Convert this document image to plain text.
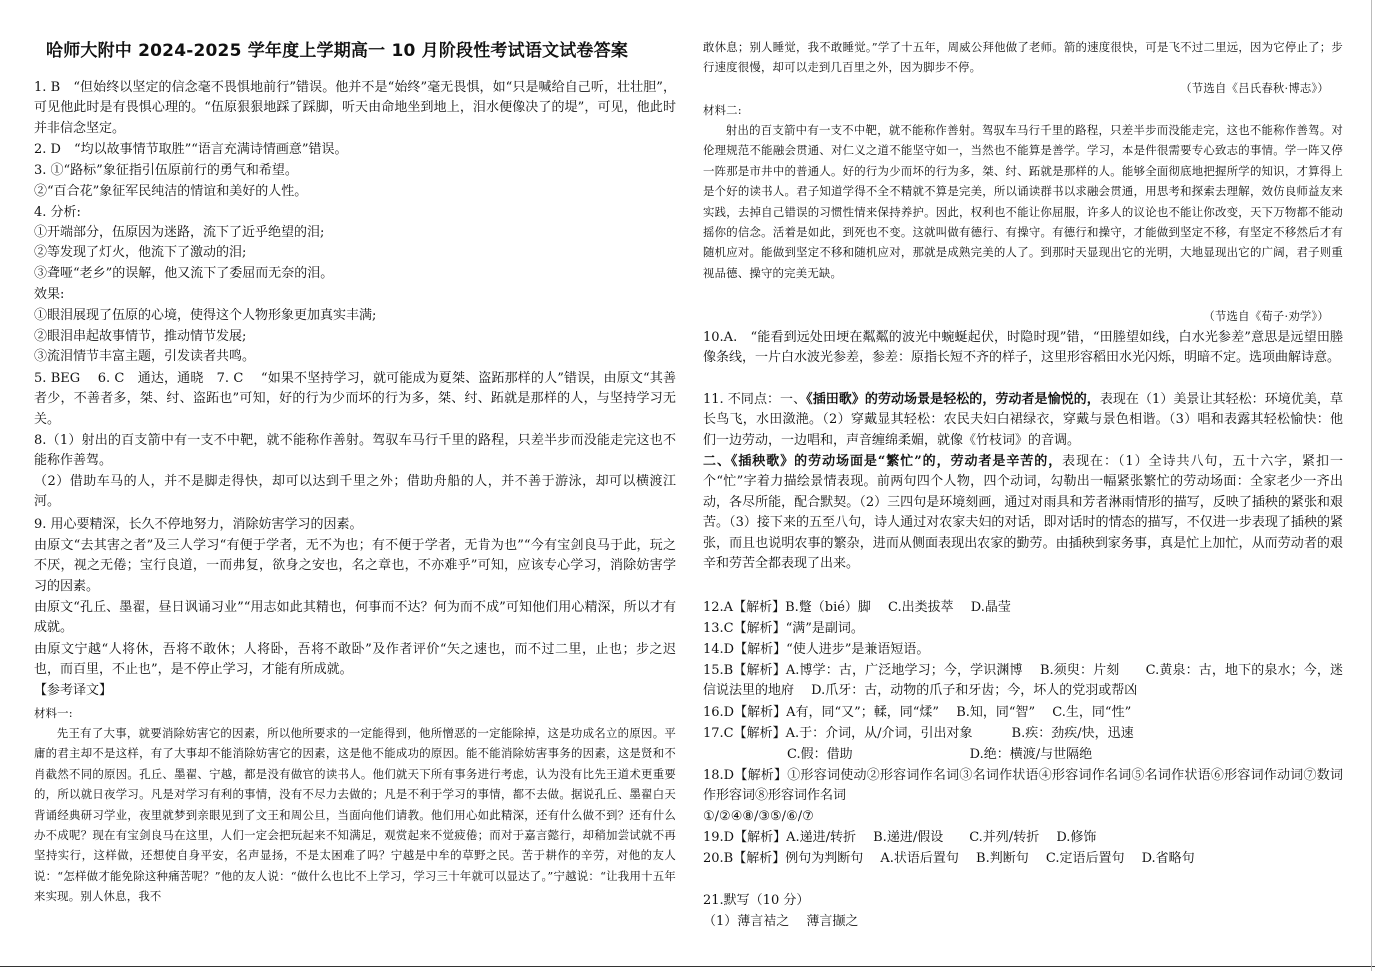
哈师大附中 2024-2025 学年度上学期高一 10 月阶段性考试语文试卷答案
1. B　“但始终以坚定的信念毫不畏惧地前行”错误。他并不是“始终”毫无畏惧，如“只是喊给自己听，壮壮胆”，可见他此时是有畏惧心理的。“伍原狠狠地踩了踩脚，听天由命地坐到地上，泪水便像决了的堤”，可见，他此时并非信念坚定。
2. D　“均以故事情节取胜”“语言充满诗情画意”错误。
3. ①“路标”象征指引伍原前行的勇气和希望。
②“百合花”象征军民纯洁的情谊和美好的人性。
4. 分析:
①开端部分，伍原因为迷路，流下了近乎绝望的泪;
②等发现了灯火，他流下了激动的泪;
③聋哑“老乡”的误解，他又流下了委屈而无奈的泪。
效果:
①眼泪展现了伍原的心境，使得这个人物形象更加真实丰满;
②眼泪串起故事情节，推动情节发展;
③流泪情节丰富主题，引发读者共鸣。
5. BEG　 6. C　通达，通晓　7. C　 “如果不坚持学习，就可能成为夏桀、盗跖那样的人”错误，由原文“其善者少，不善者多，桀、纣、盗跖也”可知，好的行为少而坏的行为多，桀、纣、跖就是那样的人，与坚持学习无关。
8.（1）射出的百支箭中有一支不中靶，就不能称作善射。驾驭车马行千里的路程，只差半步而没能走完这也不能称作善驾。
（2）借助车马的人，并不是脚走得快，却可以达到千里之外；借助舟船的人，并不善于游泳，却可以横渡江河。
9. 用心要精深，长久不停地努力，消除妨害学习的因素。
由原文“去其害之者”及三人学习“有便于学者，无不为也；有不便于学者，无肯为也”“今有宝剑良马于此，玩之不厌，视之无倦；宝行良道，一而弗复，欲身之安也，名之章也，不亦难乎”可知，应该专心学习，消除妨害学习的因素。
由原文“孔丘、墨翟，昼日讽诵习业”“用志如此其精也，何事而不达？何为而不成”可知他们用心精深，所以才有成就。
由原文宁越“人将休，吾将不敢休；人将卧，吾将不敢卧”及作者评价“矢之速也，而不过二里，止也；步之迟也，而百里，不止也”，是不停止学习，才能有所成就。
【参考译文】
材料一:
先王有了大事，就要消除妨害它的因素，所以他所要求的一定能得到，他所憎恶的一定能除掉，这是功成名立的原因。平庸的君主却不是这样，有了大事却不能消除妨害它的因素，这是他不能成功的原因。能不能消除妨害事务的因素，这是贤和不肖截然不同的原因。孔丘、墨翟、宁越，都是没有做官的读书人。他们就天下所有事务进行考虑，认为没有比先王道术更重要的，所以就日夜学习。凡是对学习有利的事情，没有不尽力去做的；凡是不利于学习的事情，都不去做。据说孔丘、墨翟白天背诵经典研习学业，夜里就梦到亲眼见到了文王和周公旦，当面向他们请教。他们用心如此精深，还有什么做不到？还有什么办不成呢？现在有宝剑良马在这里，人们一定会把玩起来不知满足，观赏起来不觉疲倦；而对于嘉言懿行，却稍加尝试就不再坚持实行，这样做，还想使自身平安，名声显扬，不是太困难了吗？宁越是中牟的草野之民。苦于耕作的辛劳，对他的友人说：“怎样做才能免除这种痛苦呢？”他的友人说：“做什么也比不上学习，学习三十年就可以显达了。”宁越说：“让我用十五年来实现。别人休息，我不
敢休息；别人睡觉，我不敢睡觉。”学了十五年，周威公拜他做了老师。箭的速度很快，可是飞不过二里远，因为它停止了；步行速度很慢，却可以走到几百里之外，因为脚步不停。
（节选自《吕氏春秋·博志》）
材料二:
射出的百支箭中有一支不中靶，就不能称作善射。驾驭车马行千里的路程，只差半步而没能走完，这也不能称作善驾。对伦理规范不能融会贯通、对仁义之道不能坚守如一，当然也不能算是善学。学习，本是件很需要专心致志的事情。学一阵又停一阵那是市井中的普通人。好的行为少而坏的行为多，桀、纣、跖就是那样的人。能够全面彻底地把握所学的知识，才算得上是个好的读书人。君子知道学得不全不精就不算是完美，所以诵读群书以求融会贯通，用思考和探索去理解，效仿良师益友来实践，去掉自己错误的习惯性情来保持养护。因此，权利也不能让你屈服，许多人的议论也不能让你改变，天下万物都不能动摇你的信念。活着是如此，到死也不变。这就叫做有德行、有操守。有德行和操守，才能做到坚定不移，有坚定不移然后才有随机应对。能做到坚定不移和随机应对，那就是成熟完美的人了。到那时天显现出它的光明，大地显现出它的广阔，君子则重视品德、操守的完美无缺。
（节选自《荀子·劝学》）
10.A.　“能看到远处田埂在粼粼的波光中蜿蜒起伏，时隐时现”错，“田塍望如线，白水光参差”意思是远望田塍像条线，一片白水波光参差，参差：原指长短不齐的样子，这里形容稻田水光闪烁，明暗不定。选项曲解诗意。
11. 不同点：一、《插田歌》的劳动场景是轻松的，劳动者是愉悦的，表现在（1）美景让其轻松：环境优美，草长鸟飞，水田潋滟。（2）穿戴显其轻松：农民夫妇白裙绿衣，穿戴与景色相谐。（3）唱和表露其轻松愉快：他们一边劳动，一边唱和，声音缠绵柔媚，就像《竹枝词》的音调。
二、《插秧歌》的劳动场面是“繁忙”的，劳动者是辛苦的，表现在：（1）全诗共八句，五十六字，紧扣一个“忙”字着力描绘景情表现。前两句四个人物，四个动词，勾勒出一幅紧张繁忙的劳动场面：全家老少一齐出动，各尽所能，配合默契。（2）三四句是环境刻画，通过对雨具和芳者淋雨情形的描写，反映了插秧的紧张和艰苦。（3）接下来的五至八句，诗人通过对农家夫妇的对话，即对话时的情态的描写，不仅进一步表现了插秧的紧张，而且也说明农事的繁杂，进而从侧面表现出农家的勤劳。由插秧到家务事，真是忙上加忙，从而劳动者的艰辛和劳苦全都表现了出来。
12.A【解析】B.蹩（bié）脚　 C.出类拔萃　 D.晶莹
13.C【解析】“满”是副词。
14.D【解析】“使人进步”是兼语短语。
15.B【解析】A.博学：古，广泛地学习；今，学识渊博　 B.须臾：片刻　　C.黄泉：古，地下的泉水；今，迷信说法里的地府　 D.爪牙：古，动物的爪子和牙齿；今，坏人的党羽或帮凶
16.D【解析】A有，同“又”；輮，同“煣”　 B.知，同“智”　 C.生，同“性”
17.C【解析】A.于：介词，从/介词，引出对象　　　B.疾：劲疾/快，迅速
C.假：借助　　　　　　　　　D.绝：横渡/与世隔绝
18.D【解析】①形容词使动②形容词作名词③名词作状语④形容词作名词⑤名词作状语⑥形容词作动词⑦数词作形容词⑧形容词作名词
①/②④⑧/③⑤/⑥/⑦
19.D【解析】A.递进/转折　 B.递进/假设　　C.并列/转折　 D.修饰
20.B【解析】例句为判断句　 A.状语后置句　 B.判断句　 C.定语后置句　 D.省略句
21.默写（10 分）
（1）薄言袺之　 薄言撷之
